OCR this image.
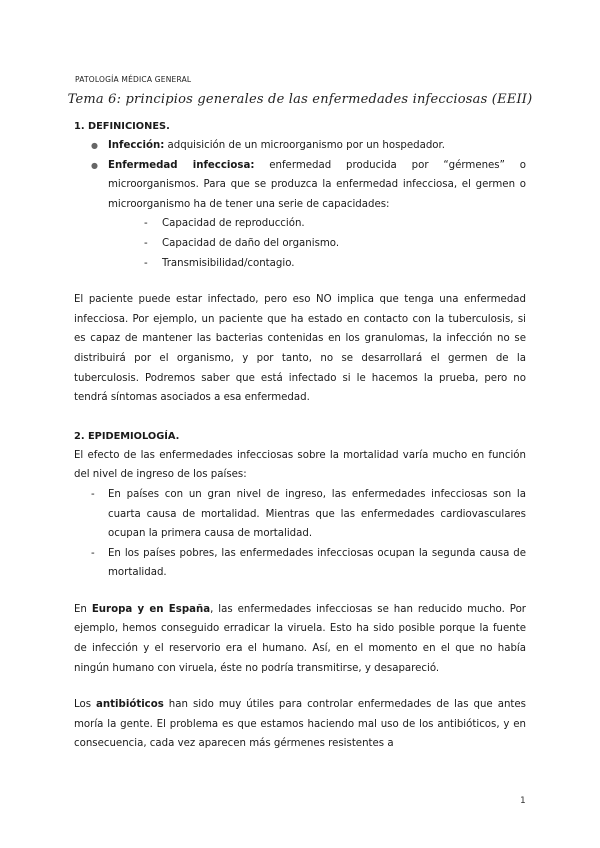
PATOLOGÍA MÉDICA GENERAL
Tema 6: principios generales de las enfermedades infecciosas (EEII)
1. DEFINICIONES.
● Infección: adquisición de un microorganismo por un hospedador.
● Enfermedad infecciosa: enfermedad producida por “gérmenes” o microorganismos. Para que se produzca la enfermedad infecciosa, el germen o microorganismo ha de tener una serie de capacidades:
- Capacidad de reproducción.
- Capacidad de daño del organismo.
- Transmisibilidad/contagio.

El paciente puede estar infectado, pero eso NO implica que tenga una enfermedad infecciosa. Por ejemplo, un paciente que ha estado en contacto con la tuberculosis, si es capaz de mantener las bacterias contenidas en los granulomas, la infección no se distribuirá por el organismo, y por tanto, no se desarrollará el germen de la tuberculosis. Podremos saber que está infectado si le hacemos la prueba, pero no tendrá síntomas asociados a esa enfermedad.

2. EPIDEMIOLOGÍA.

El efecto de las enfermedades infecciosas sobre la mortalidad varía mucho en función del nivel de ingreso de los países:

- En países con un gran nivel de ingreso, las enfermedades infecciosas son la cuarta causa de mortalidad. Mientras que las enfermedades cardiovasculares ocupan la primera causa de mortalidad.
- En los países pobres, las enfermedades infecciosas ocupan la segunda causa de mortalidad.

En Europa y en España, las enfermedades infecciosas se han reducido mucho. Por ejemplo, hemos conseguido erradicar la viruela. Esto ha sido posible porque la fuente de infección y el reservorio era el humano. Así, en el momento en el que no había ningún humano con viruela, éste no podría transmitirse, y desapareció.

Los antibióticos han sido muy útiles para controlar enfermedades de las que antes moría la gente. El problema es que estamos haciendo mal uso de los antibióticos, y en consecuencia, cada vez aparecen más gérmenes resistentes a

1
